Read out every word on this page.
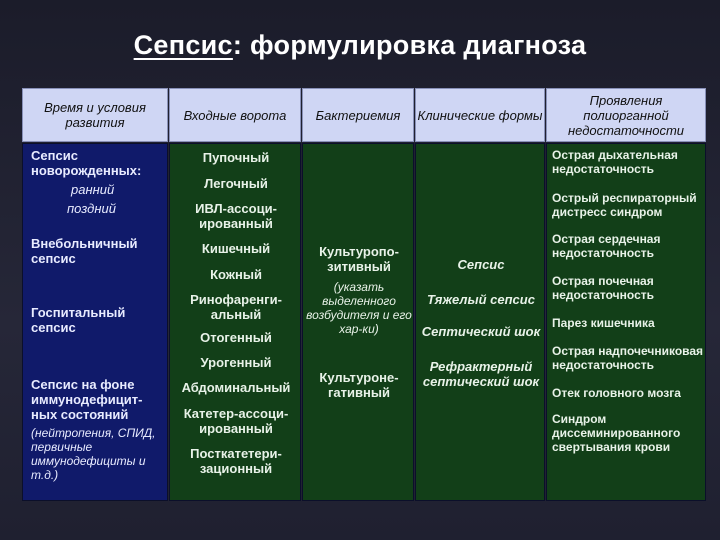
Сепсис: формулировка диагноза
Время и условия развития	Входные ворота Бактериемия Клинические формы
Проявления полиорганной недостаточности
Сепсис
новорожденных:
ранний
поздний
Внебольничный
сепсис
Госпитальный
сепсис
Сепсис на фоне
иммунодефицит-
ных состояний
(нейтропения, СПИД,
первичные
иммунодефициты и
т.д.)
Пупочный
Легочный
ИВЛ-ассоци-
ированный
Кишечный
Кожный
Ринофаренги-
альный
Отогенный
Урогенный
Абдоминальный
Катетер-ассоци-
ированный
Посткатетери-
зационный
Культуропо-
зитивный
(указать
выделенного
возбудителя и его
хар-ки)
Культуроне-
гативный
Сепсис
Тяжелый сепсис
Септический шок
Рефрактерный
септический шок
Острая дыхательная
недостаточность
Острый респираторный
дистресс синдром
Острая сердечная
недостаточность
Острая почечная
недостаточность
Парез кишечника
Острая надпочечниковая
недостаточность
Отек головного мозга
Синдром
диссеминированного
свертывания крови
